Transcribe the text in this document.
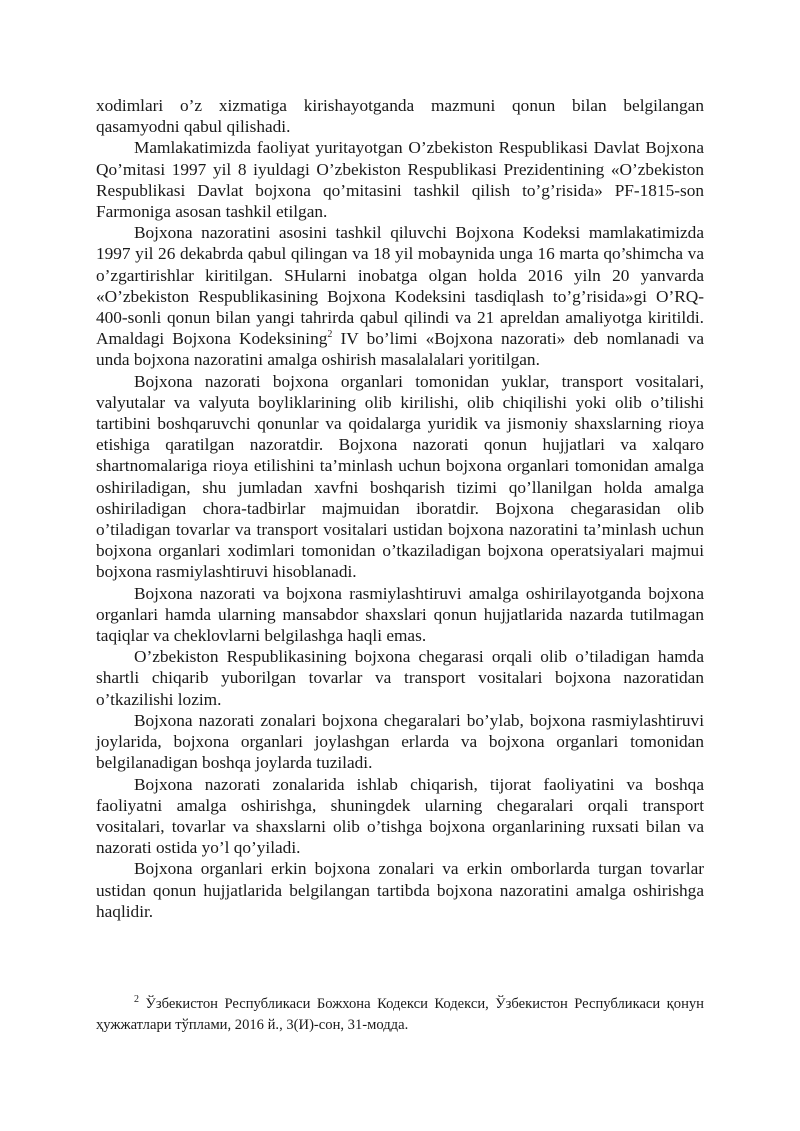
xodimlari o’z xizmatiga kirishayotganda mazmuni qonun bilan belgilangan qasamyodni qabul qilishadi.

Mamlakatimizda faoliyat yuritayotgan O’zbekiston Respublikasi Davlat Bojxona Qo’mitasi 1997 yil 8 iyuldagi O’zbekiston Respublikasi Prezidentining «O’zbekiston Respublikasi Davlat bojxona qo’mitasini tashkil qilish to’g’risida» PF-1815-son Farmoniga asosan tashkil etilgan.

Bojxona nazoratini asosini tashkil qiluvchi Bojxona Kodeksi mamlakatimizda 1997 yil 26 dekabrda qabul qilingan va 18 yil mobaynida unga 16 marta qo’shimcha va o’zgartirishlar kiritilgan. SHularni inobatga olgan holda 2016 yiln 20 yanvarda «O’zbekiston Respublikasining Bojxona Kodeksini tasdiqlash to’g’risida»gi O’RQ-400-sonli qonun bilan yangi tahrirda qabul qilindi va 21 apreldan amaliyotga kiritildi. Amaldagi Bojxona Kodeksining$^2$ IV bo’limi «Bojxona nazorati» deb nomlanadi va unda bojxona nazoratini amalga oshirish masalalalari yoritilgan.

Bojxona nazorati bojxona organlari tomonidan yuklar, transport vositalari, valyutalar va valyuta boyliklarining olib kirilishi, olib chiqilishi yoki olib o’tilishi tartibini boshqaruvchi qonunlar va qoidalarga yuridik va jismoniy shaxslarning rioya etishiga qaratilgan nazoratdir. Bojxona nazorati qonun hujjatlari va xalqaro shartnomalariga rioya etilishini ta’minlash uchun bojxona organlari tomonidan amalga oshiriladigan, shu jumladan xavfni boshqarish tizimi qo’llanilgan holda amalga oshiriladigan chora-tadbirlar majmuidan iboratdir. Bojxona chegarasidan olib o’tiladigan tovarlar va transport vositalari ustidan bojxona nazoratini ta’minlash uchun bojxona organlari xodimlari tomonidan o’tkaziladigan bojxona operatsiyalari majmui bojxona rasmiylashtiruvi hisoblanadi.

Bojxona nazorati va bojxona rasmiylashtiruvi amalga oshirilayotganda bojxona organlari hamda ularning mansabdor shaxslari qonun hujjatlarida nazarda tutilmagan taqiqlar va cheklovlarni belgilashga haqli emas.

O’zbekiston Respublikasining bojxona chegarasi orqali olib o’tiladigan hamda shartli chiqarib yuborilgan tovarlar va transport vositalari bojxona nazoratidan o’tkazilishi lozim.

Bojxona nazorati zonalari bojxona chegaralari bo’ylab, bojxona rasmiylashtiruvi joylarida, bojxona organlari joylashgan erlarda va bojxona organlari tomonidan belgilanadigan boshqa joylarda tuziladi.

Bojxona nazorati zonalarida ishlab chiqarish, tijorat faoliyatini va boshqa faoliyatni amalga oshirishga, shuningdek ularning chegaralari orqali transport vositalari, tovarlar va shaxslarni olib o’tishga bojxona organlarining ruxsati bilan va nazorati ostida yo’l qo’yiladi.

Bojxona organlari erkin bojxona zonalari va erkin omborlarda turgan tovarlar ustidan qonun hujjatlarida belgilangan tartibda bojxona nazoratini amalga oshirishga haqlidir.

$^2$ Ўзбекистон Республикаси Божхона Кодекси Кодекси, Ўзбекистон Республикаси қонун ҳужжатлари тўплами, 2016 й., 3(И)-сон, 31-модда.
